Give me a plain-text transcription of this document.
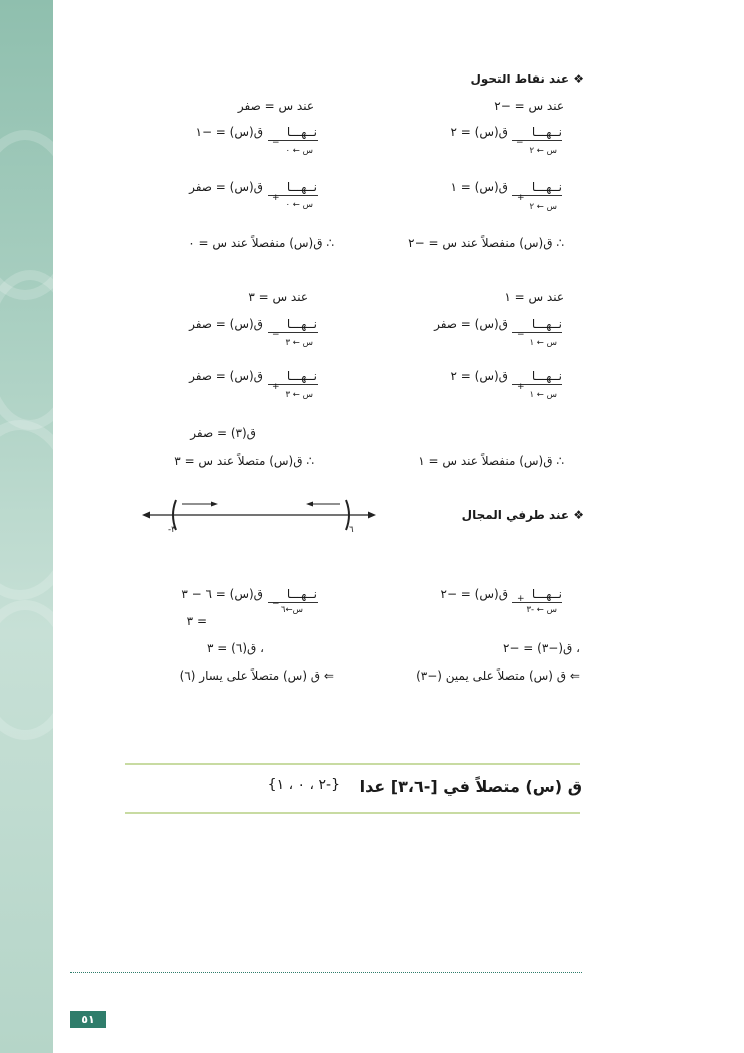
❖ عند نقاط التحول
عند س = −٢
نــهـــا
ق(س) = ٢
−
س ← ٢
نــهـــا
ق(س) = ١
+
س ← ٢
∴ ق(س) منفصلاً عند س = −٢
عند س = صفر
نــهـــا
ق(س) = −١
−
س ← ٠
نــهـــا
ق(س) = صفر
+
س ← ٠
∴ ق(س) منفصلاً عند س = ٠
عند س = ١
نــهـــا
ق(س) = صفر
−
س ← ١
نــهـــا
ق(س) = ٢
+
س ← ١
∴ ق(س) منفصلاً عند س = ١
عند س = ٣
نــهـــا
ق(س) = صفر
−
س ← ٣
نــهـــا
ق(س) = صفر
+
س ← ٣
ق(٣) = صفر
∴ ق(س) متصلاً عند س = ٣
❖ عند طرفي المجال
-٣	٦
نــهـــا
ق(س) = −٢ +
س ← -٣
، ق(−٣) = −٢
⇐ ق (س) متصلاً على يمين (−٣)
نــهـــا
ق(س) = ٦ − ٣
−
س←٦
= ٣
، ق(٦) = ٣
⇐ ق (س) متصلاً على يسار (٦)
ق (س) متصلاً في [-٣،٦] عدا
{-٢ ، ٠ ، ١}
٥١
